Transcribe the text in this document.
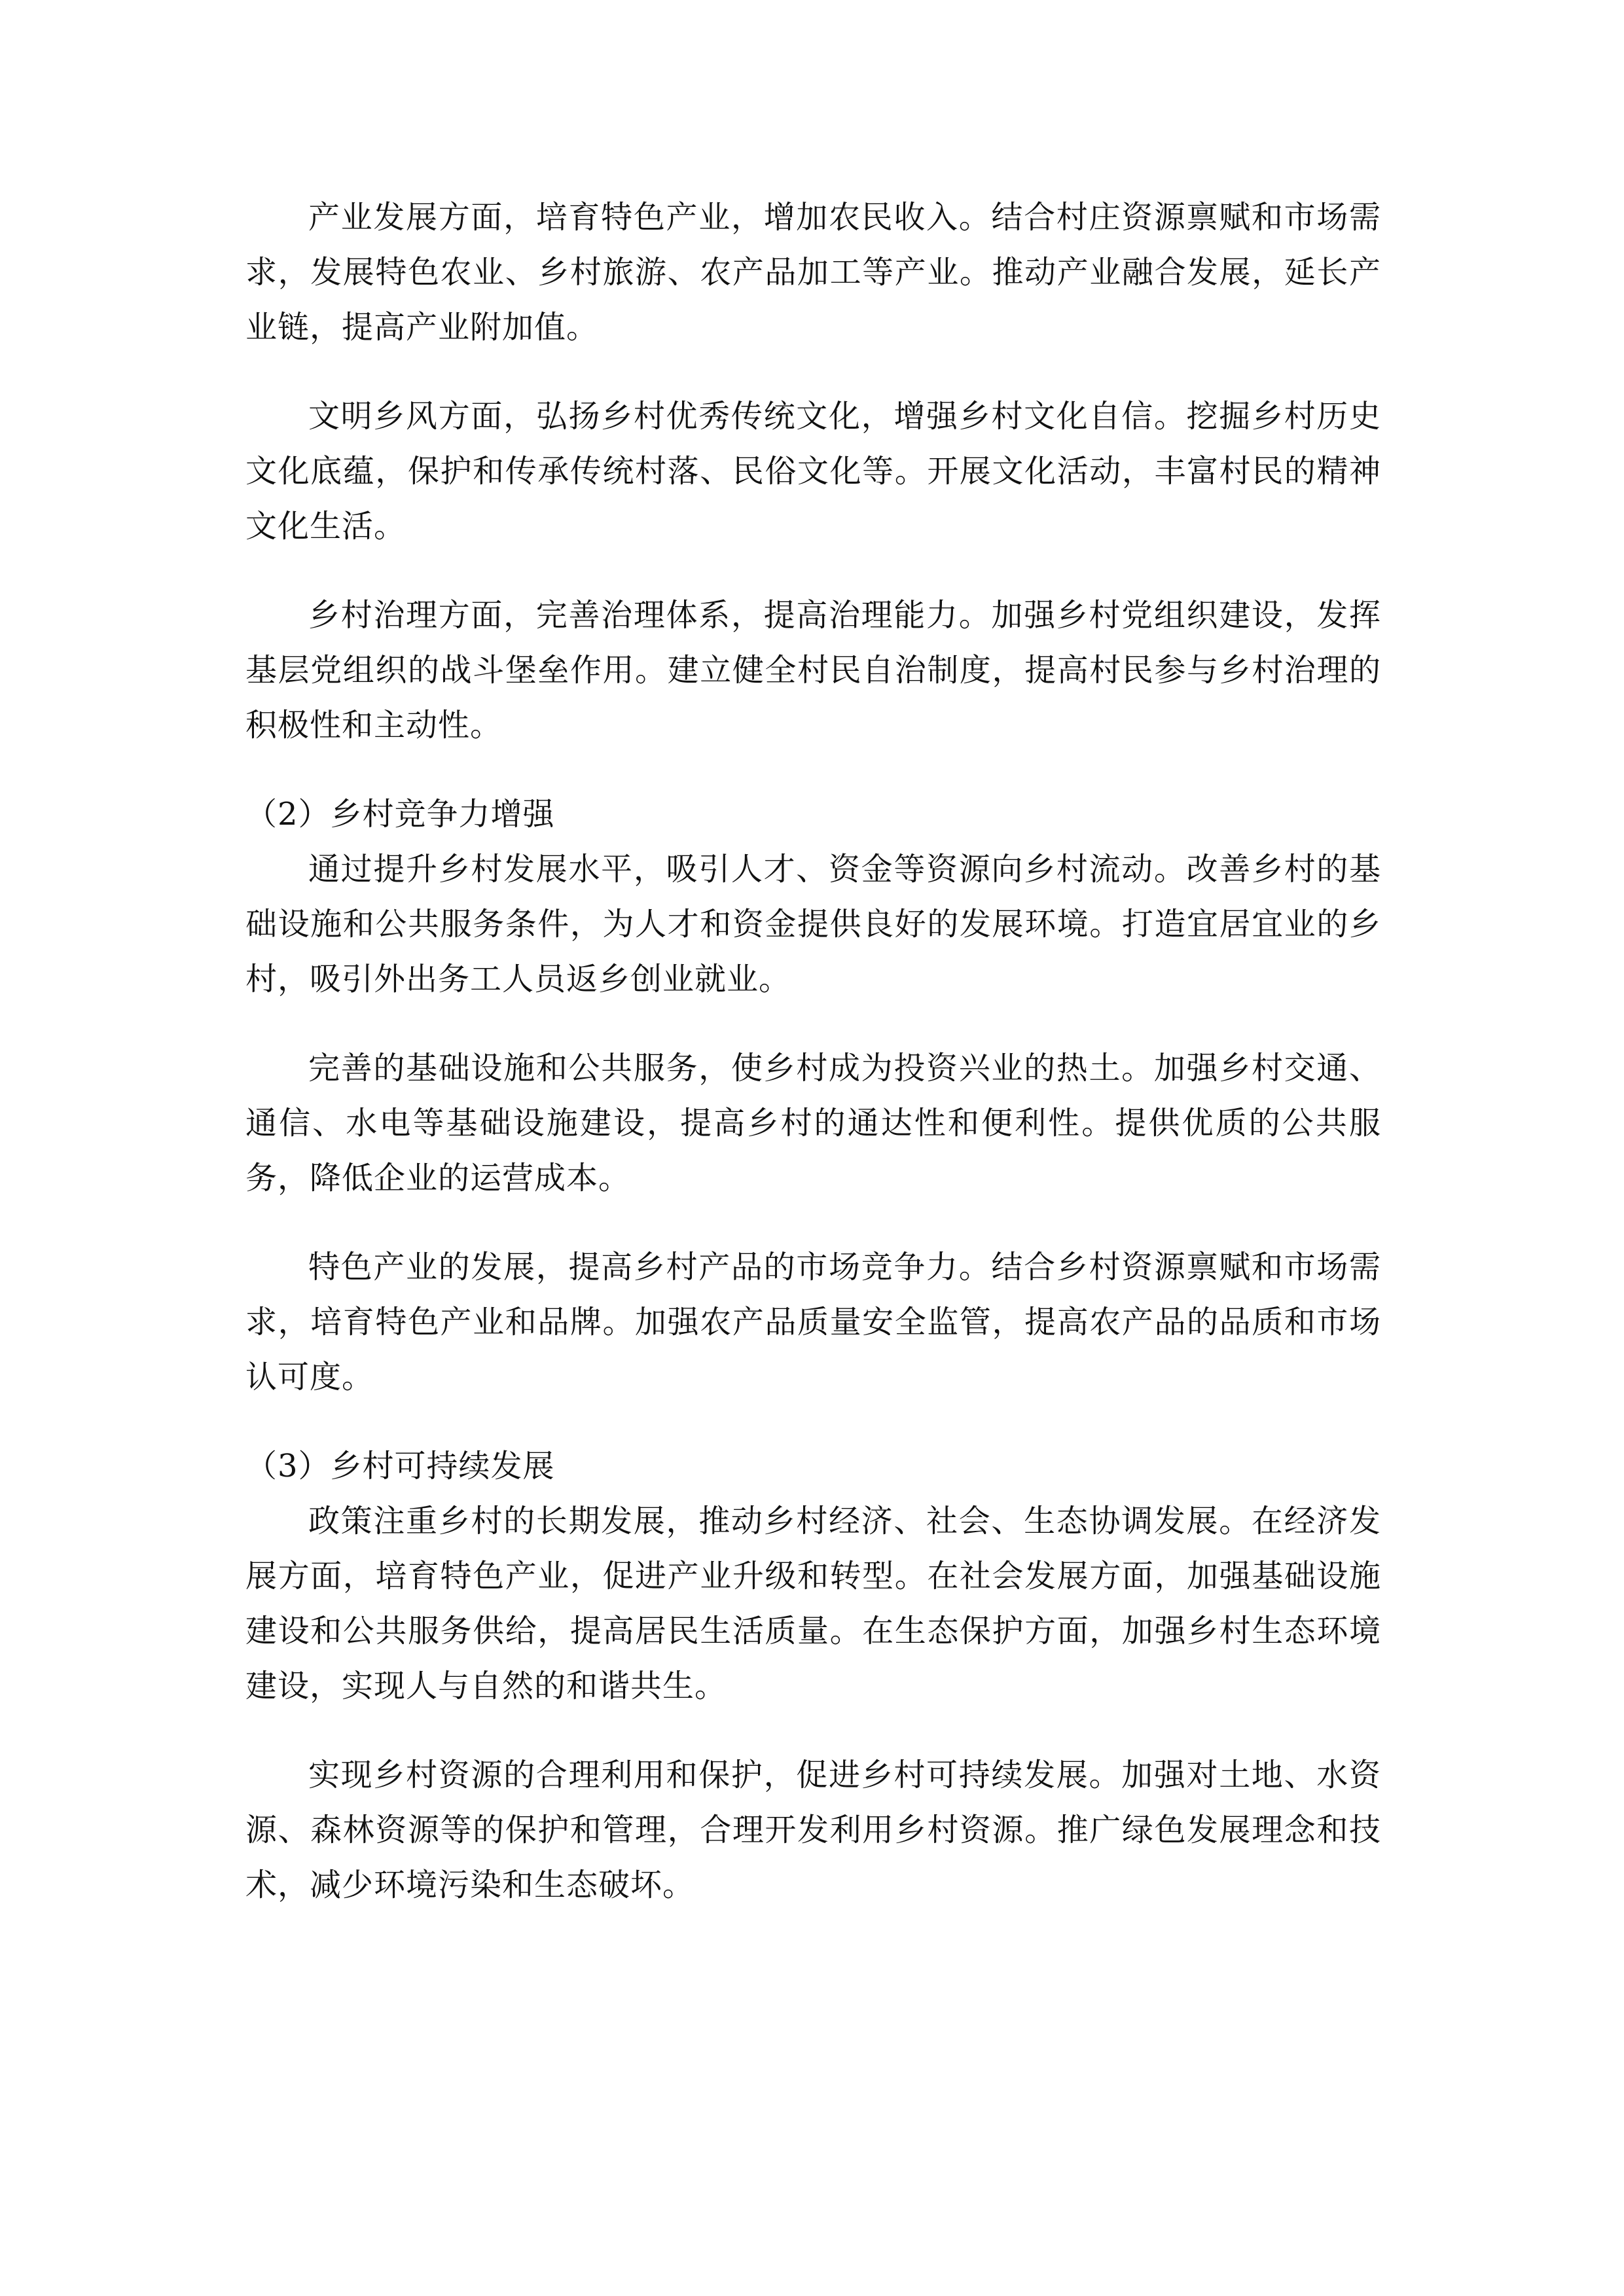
产业发展方面，培育特色产业，增加农民收入。结合村庄资源禀赋和市场需求，发展特色农业、乡村旅游、农产品加工等产业。推动产业融合发展，延长产业链，提高产业附加值。

文明乡风方面，弘扬乡村优秀传统文化，增强乡村文化自信。挖掘乡村历史文化底蕴，保护和传承传统村落、民俗文化等。开展文化活动，丰富村民的精神文化生活。

乡村治理方面，完善治理体系，提高治理能力。加强乡村党组织建设，发挥基层党组织的战斗堡垒作用。建立健全村民自治制度，提高村民参与乡村治理的积极性和主动性。

（2）乡村竞争力增强

通过提升乡村发展水平，吸引人才、资金等资源向乡村流动。改善乡村的基础设施和公共服务条件，为人才和资金提供良好的发展环境。打造宜居宜业的乡村，吸引外出务工人员返乡创业就业。

完善的基础设施和公共服务，使乡村成为投资兴业的热土。加强乡村交通、通信、水电等基础设施建设，提高乡村的通达性和便利性。提供优质的公共服务，降低企业的运营成本。

特色产业的发展，提高乡村产品的市场竞争力。结合乡村资源禀赋和市场需求，培育特色产业和品牌。加强农产品质量安全监管，提高农产品的品质和市场认可度。

（3）乡村可持续发展

政策注重乡村的长期发展，推动乡村经济、社会、生态协调发展。在经济发展方面，培育特色产业，促进产业升级和转型。在社会发展方面，加强基础设施建设和公共服务供给，提高居民生活质量。在生态保护方面，加强乡村生态环境建设，实现人与自然的和谐共生。

实现乡村资源的合理利用和保护，促进乡村可持续发展。加强对土地、水资源、森林资源等的保护和管理，合理开发利用乡村资源。推广绿色发展理念和技术，减少环境污染和生态破坏。
